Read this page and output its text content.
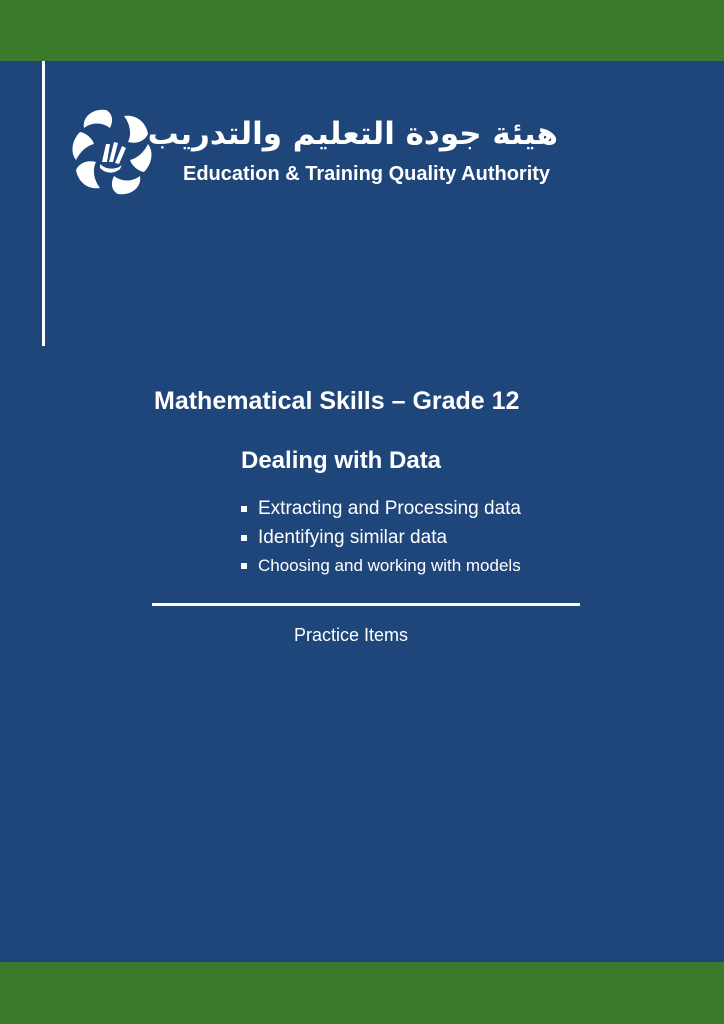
هيئة جودة التعليم والتدريب
Education & Training Quality Authority
Mathematical Skills – Grade 12
Dealing with Data
Extracting and Processing data
Identifying similar data
Choosing and working with models
Practice Items
